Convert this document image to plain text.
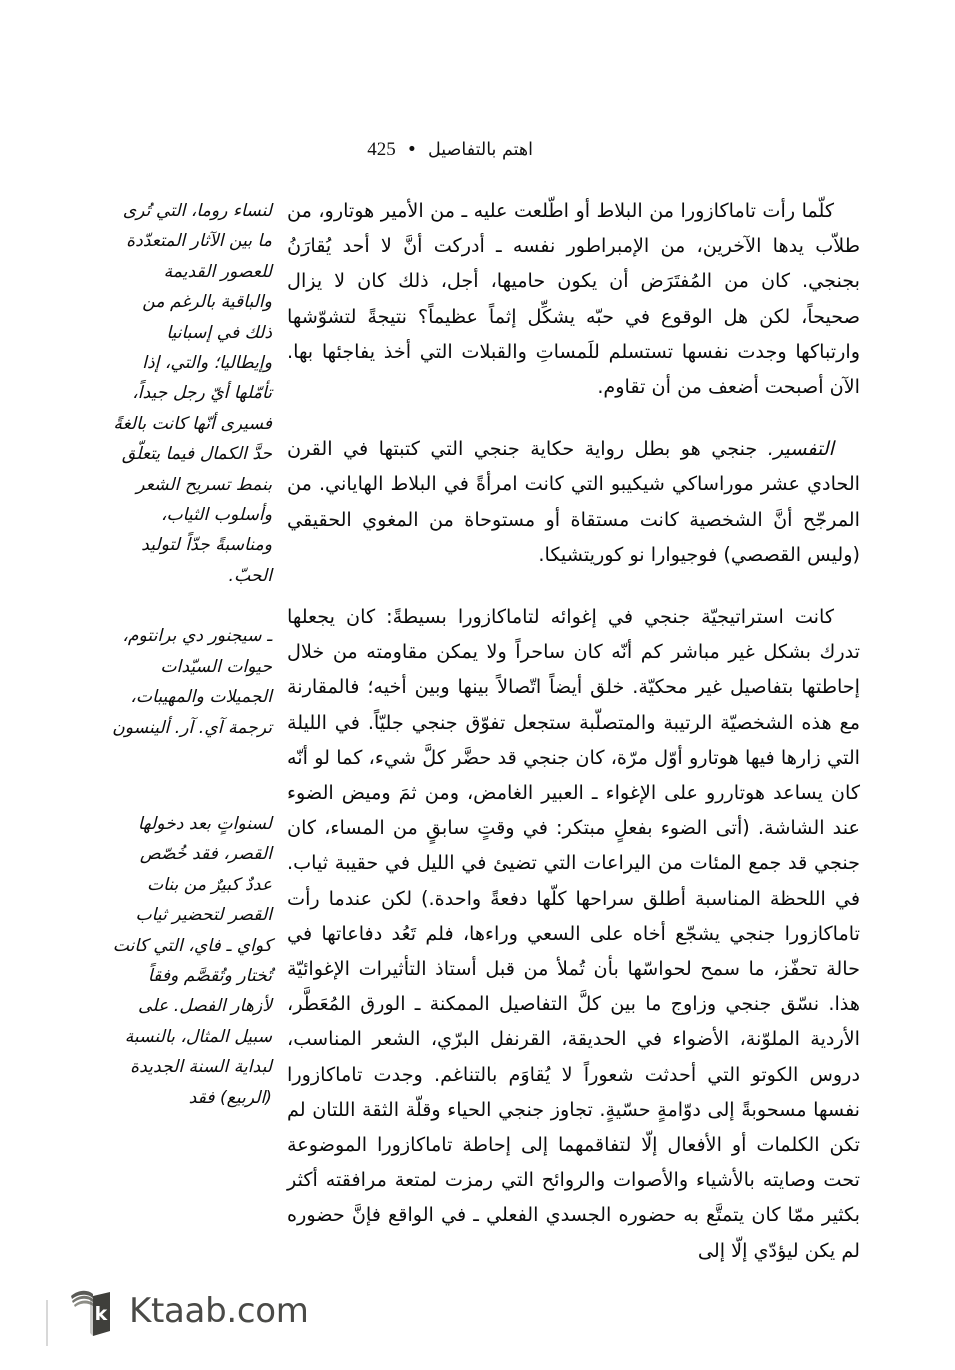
اهتم بالتفاصيل•425

لنساء روما، التي تُرى ما بين الآثار المتعدّدة للعصور القديمة والباقية بالرغم من ذلك في إسبانيا وإيطاليا؛ والتي، إذا تأمّلها أيّ رجل جيداً، فسيرى أنّها كانت بالغةً حدَّ الكمال فيما يتعلّق بنمط تسريح الشعر وأسلوب الثياب، ومناسبةً جدّاً لتوليد الحبّ.

ـ سيجنور دي برانتوم، حيوات السيّدات الجميلات والمهيبات، ترجمة آي. آر. ألينسون

لسنواتٍ بعد دخولها القصر، فقد خُصّص عددٌ كبيرٌ من بنات القصر لتحضير ثياب كواي ـ فاي، التي كانت تُختار وتُقصَّم وفقاً لأزهار الفصل. على سبيل المثال، بالنسبة لبداية السنة الجديدة (الربيع) فقد

كلّما رأت تاماكازورا من البلاط أو اطّلعت عليه ـ من الأمير هوتارو، من طلاّب يدها الآخرين، من الإمبراطور نفسه ـ أدركت أنَّ لا أحد يُقارَنُ بجنجي. كان من المُفتَرَض أن يكون حاميها، أجل، ذلك كان لا يزال صحيحاً، لكن هل الوقوع في حبّه يشكِّل إثماً عظيماً؟ نتيجةً لتشوّشها وارتباكها وجدت نفسها تستسلم للَمساتِ والقبلات التي أخذ يفاجئها بها. الآن أصبحت أضعف من أن تقاوم.

التفسير. جنجي هو بطل رواية حكاية جنجي التي كتبتها في القرن الحادي عشر موراساكي شيكيبو التي كانت امرأةً في البلاط الهاياني. من المرجّح أنَّ الشخصية كانت مستقاة أو مستوحاة من المغوي الحقيقي (وليس القصصي) فوجيوارا نو كوريتشيكا.

كانت استراتيجيّة جنجي في إغوائه لتاماكازورا بسيطةً: كان يجعلها تدرك بشكل غير مباشر كم أنّه كان ساحراً ولا يمكن مقاومته من خلال إحاطتها بتفاصيل غير محكيّة. خلق أيضاً اتّصالاً بينها وبين أخيه؛ فالمقارنة مع هذه الشخصيّة الرتيبة والمتصلّبة ستجعل تفوّق جنجي جليّاً. في الليلة التي زارها فيها هوتارو أوّل مرّة، كان جنجي قد حضَّر كلَّ شيء، كما لو أنّه كان يساعد هوتاررو على الإغواء ـ العبير الغامض، ومن ثمَ وميض الضوء عند الشاشة. (أتى الضوء بفعلٍ مبتكر: في وقتٍ سابقٍ من المساء، كان جنجي قد جمع المئات من اليراعات التي تضيئ في الليل في حقيبة ثياب. في اللحظة المناسبة أطلق سراحها كلّها دفعةً واحدة.) لكن عندما رأت تاماكازورا جنجي يشجّع أخاه على السعي وراءها، فلم تَعُد دفاعاتها في حالة تحفّز، ما سمح لحواسّها بأن تُملأ من قبل أستاذ التأثيرات الإغوائيّة هذا. نسّق جنجي وزاوج ما بين كلَّ التفاصيل الممكنة ـ الورق المُعَطَّر، الأردية الملوّنة، الأضواء في الحديقة، القرنفل البرّي، الشعر المناسب، دروس الكوتو التي أحدثت شعوراً لا يُقاوَم بالتناغم. وجدت تاماكازورا نفسها مسحوبةً إلى دوّامةٍ حسّيةٍ. تجاوز جنجي الحياء وقلّة الثقة اللتان لم تكن الكلمات أو الأفعال إلّا لتفاقمهما إلى إحاطة تاماكازورا الموضوعة تحت وصايته بالأشياء والأصوات والروائح التي رمزت لمتعة مرافقته أكثر بكثير ممّا كان يتمتَّع به حضوره الجسدي الفعلي ـ في الواقع فإنَّ حضوره لم يكن ليؤدّي إلّا إلى

k Ktaab.com
